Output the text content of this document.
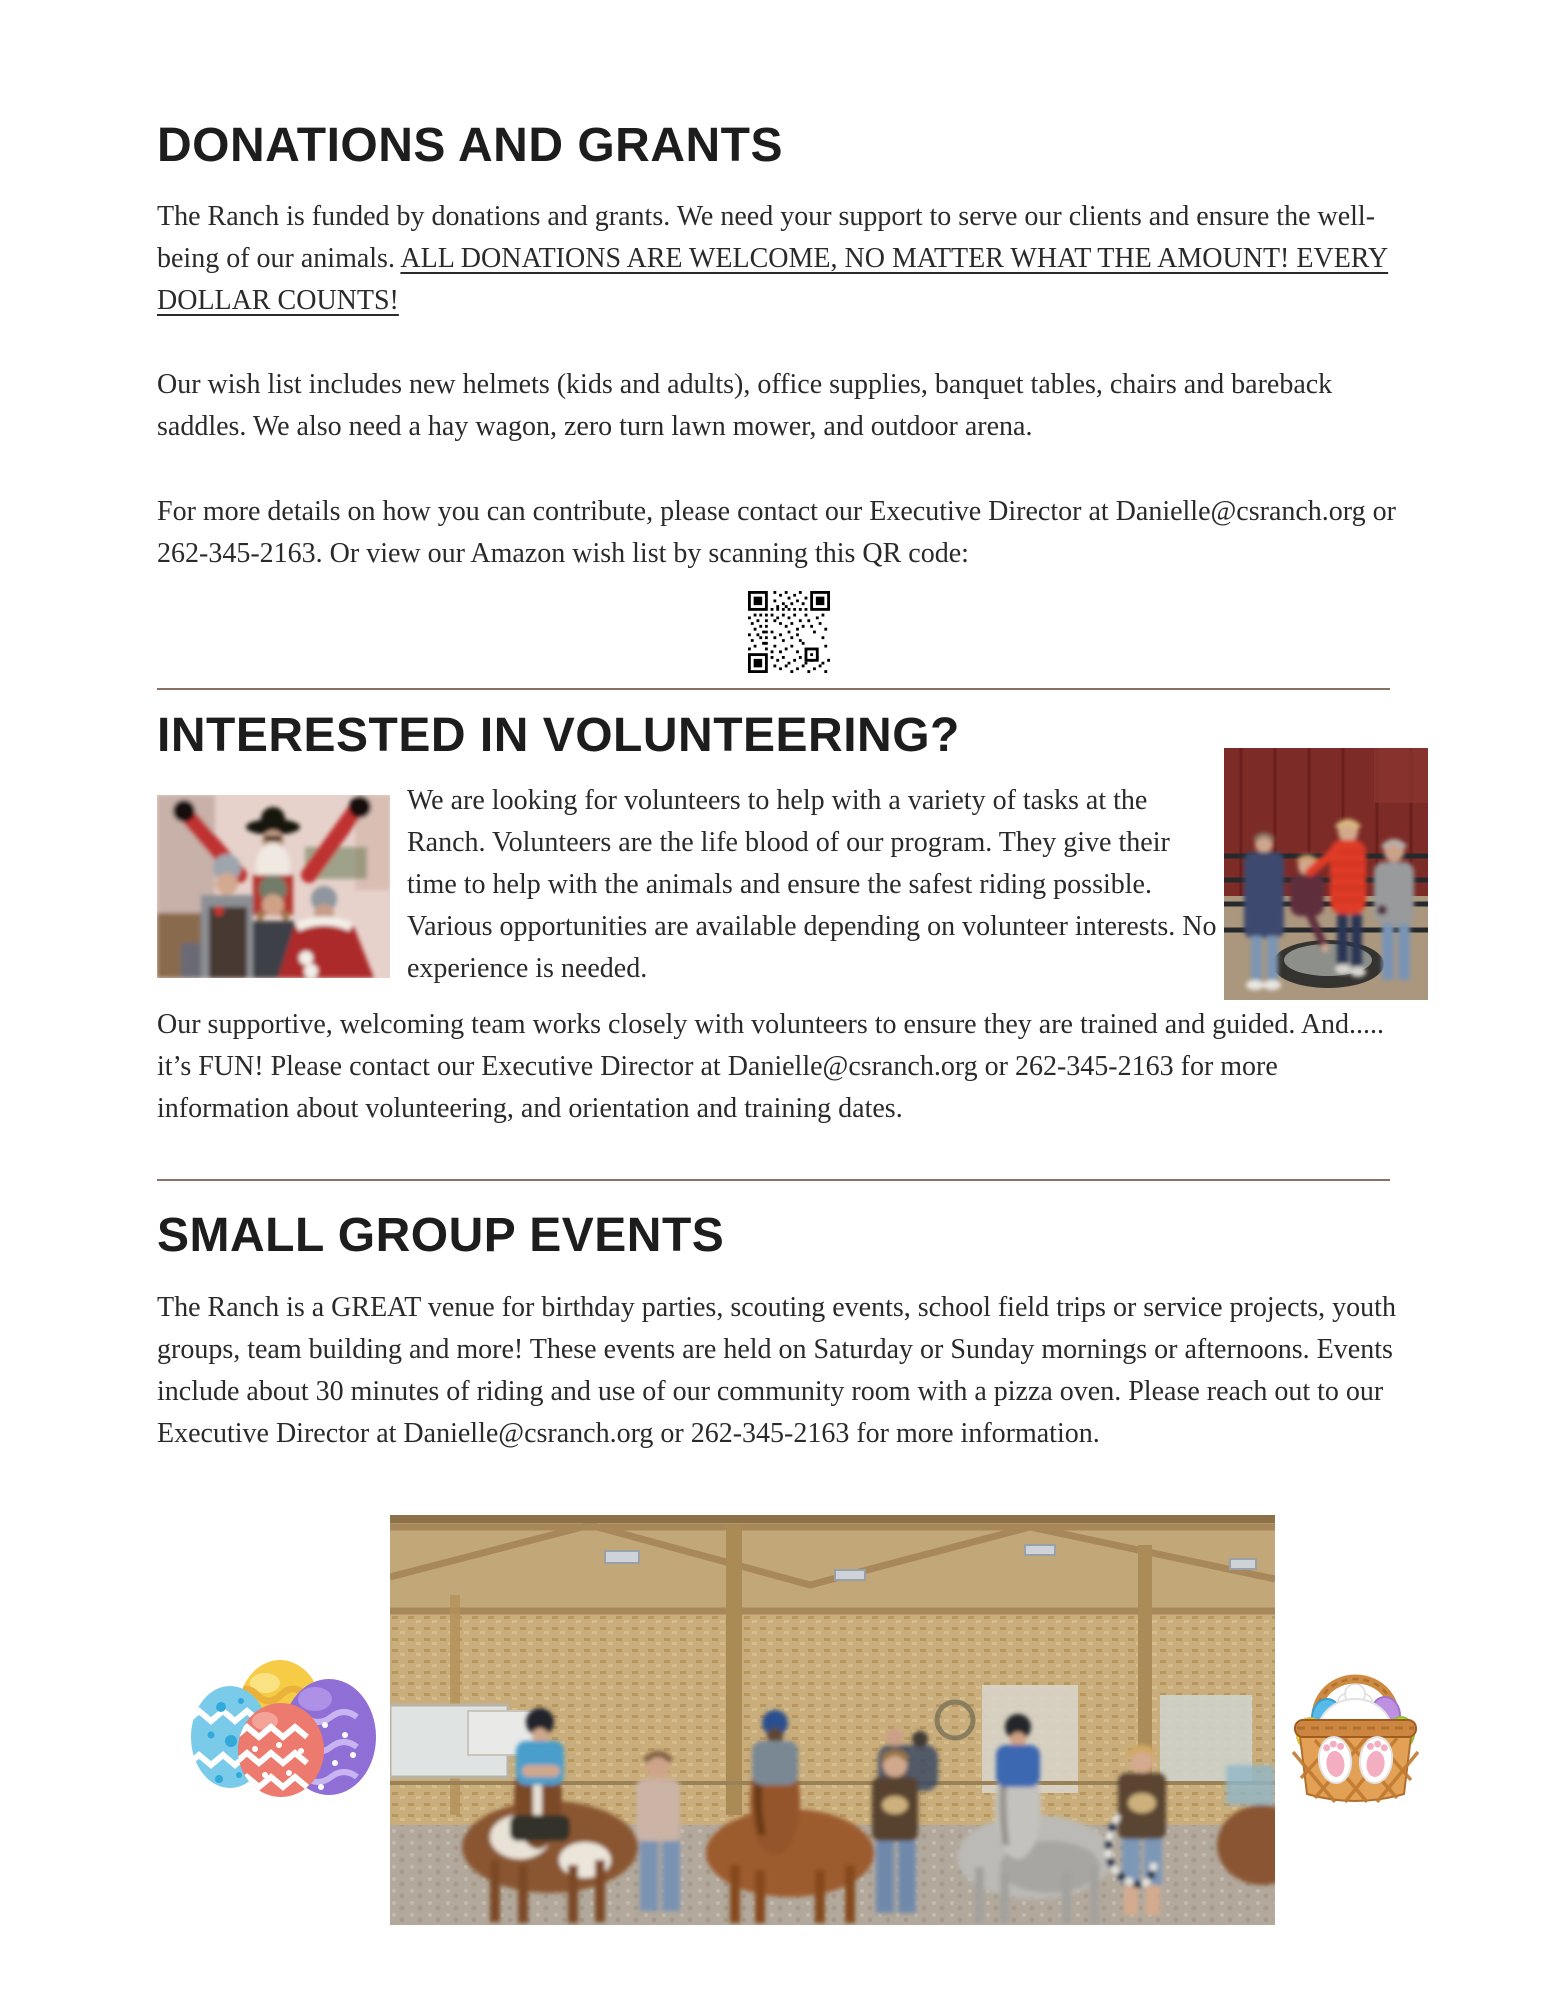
DONATIONS AND GRANTS
The Ranch is funded by donations and grants. We need your support to serve our clients and ensure the well-being of our animals. ALL DONATIONS ARE WELCOME, NO MATTER WHAT THE AMOUNT! EVERY DOLLAR COUNTS!
Our wish list includes new helmets (kids and adults), office supplies, banquet tables, chairs and bareback saddles. We also need a hay wagon, zero turn lawn mower, and outdoor arena.
For more details on how you can contribute, please contact our Executive Director at Danielle@csranch.org or 262-345-2163. Or view our Amazon wish list by scanning this QR code:
INTERESTED IN VOLUNTEERING?
We are looking for volunteers to help with a variety of tasks at the Ranch. Volunteers are the life blood of our program. They give their time to help with the animals and ensure the safest riding possible. Various opportunities are available depending on volunteer interests. No experience is needed.
Our supportive, welcoming team works closely with volunteers to ensure they are trained and guided. And..... it’s FUN! Please contact our Executive Director at Danielle@csranch.org or 262-345-2163 for more information about volunteering, and orientation and training dates.
SMALL GROUP EVENTS
The Ranch is a GREAT venue for birthday parties, scouting events, school field trips or service projects, youth groups, team building and more! These events are held on Saturday or Sunday mornings or afternoons. Events include about 30 minutes of riding and use of our community room with a pizza oven. Please reach out to our Executive Director at Danielle@csranch.org or 262-345-2163 for more information.
